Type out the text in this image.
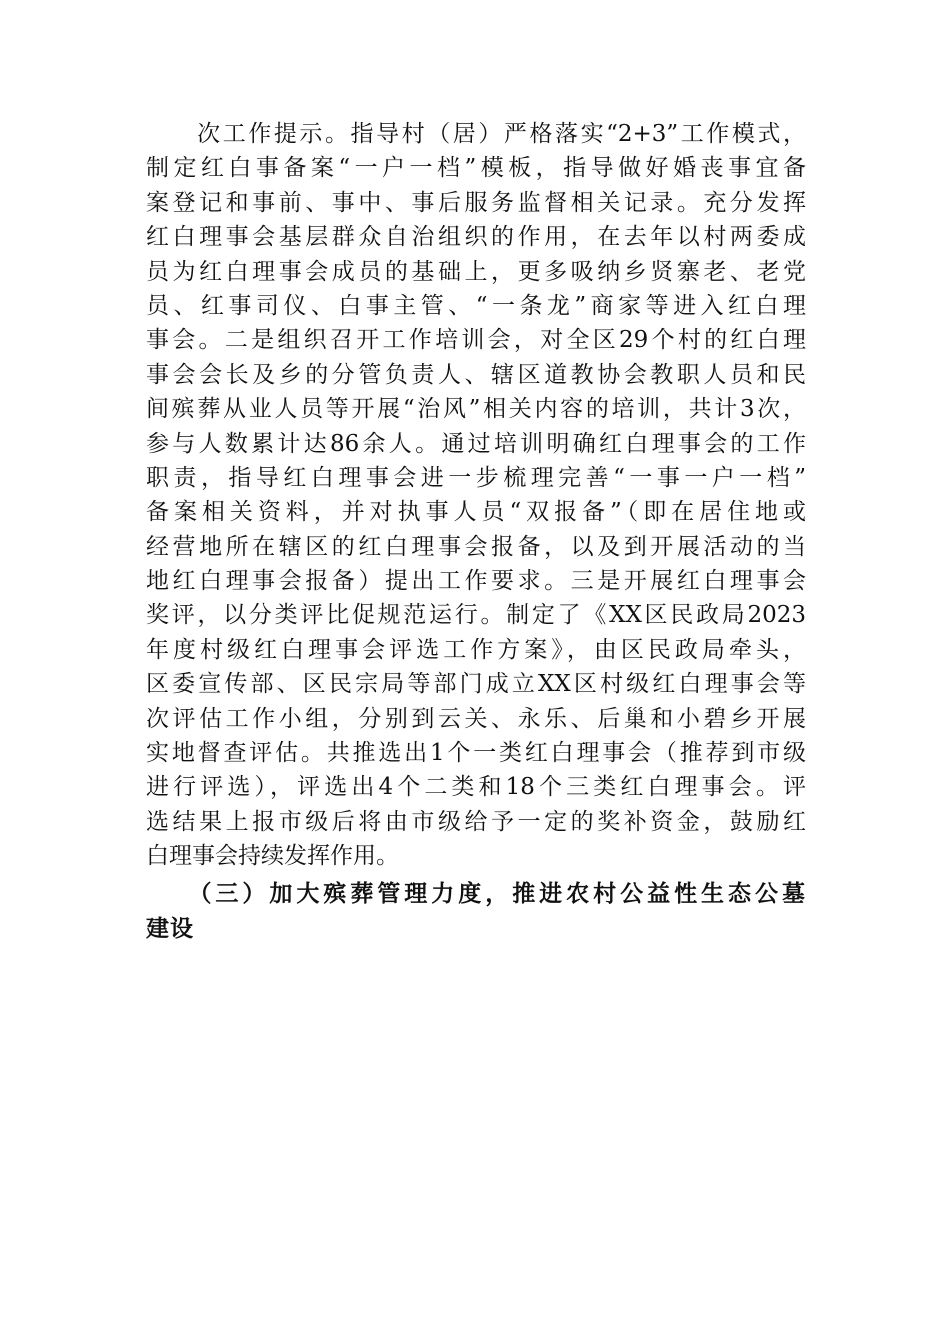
　　次工作提示。指导村（居）严格落实“2+3”工作模式，
制定红白事备案“一户一档”模板，指导做好婚丧事宜备
案登记和事前、事中、事后服务监督相关记录。充分发挥
红白理事会基层群众自治组织的作用，在去年以村两委成
员为红白理事会成员的基础上，更多吸纳乡贤寨老、老党
员、红事司仪、白事主管、“一条龙”商家等进入红白理
事会。二是组织召开工作培训会，对全区29个村的红白理
事会会长及乡的分管负责人、辖区道教协会教职人员和民
间殡葬从业人员等开展“治风”相关内容的培训，共计3次，
参与人数累计达86余人。通过培训明确红白理事会的工作
职责，指导红白理事会进一步梳理完善“一事一户一档”
备案相关资料，并对执事人员“双报备”（即在居住地或
经营地所在辖区的红白理事会报备，以及到开展活动的当
地红白理事会报备）提出工作要求。三是开展红白理事会
奖评，以分类评比促规范运行。制定了《XX区民政局2023
年度村级红白理事会评选工作方案》，由区民政局牵头，
区委宣传部、区民宗局等部门成立XX区村级红白理事会等
次评估工作小组，分别到云关、永乐、后巢和小碧乡开展
实地督查评估。共推选出1个一类红白理事会（推荐到市级
进行评选），评选出4个二类和18个三类红白理事会。评
选结果上报市级后将由市级给予一定的奖补资金，鼓励红
白理事会持续发挥作用。
　　（三）加大殡葬管理力度，推进农村公益性生态公墓
建设
